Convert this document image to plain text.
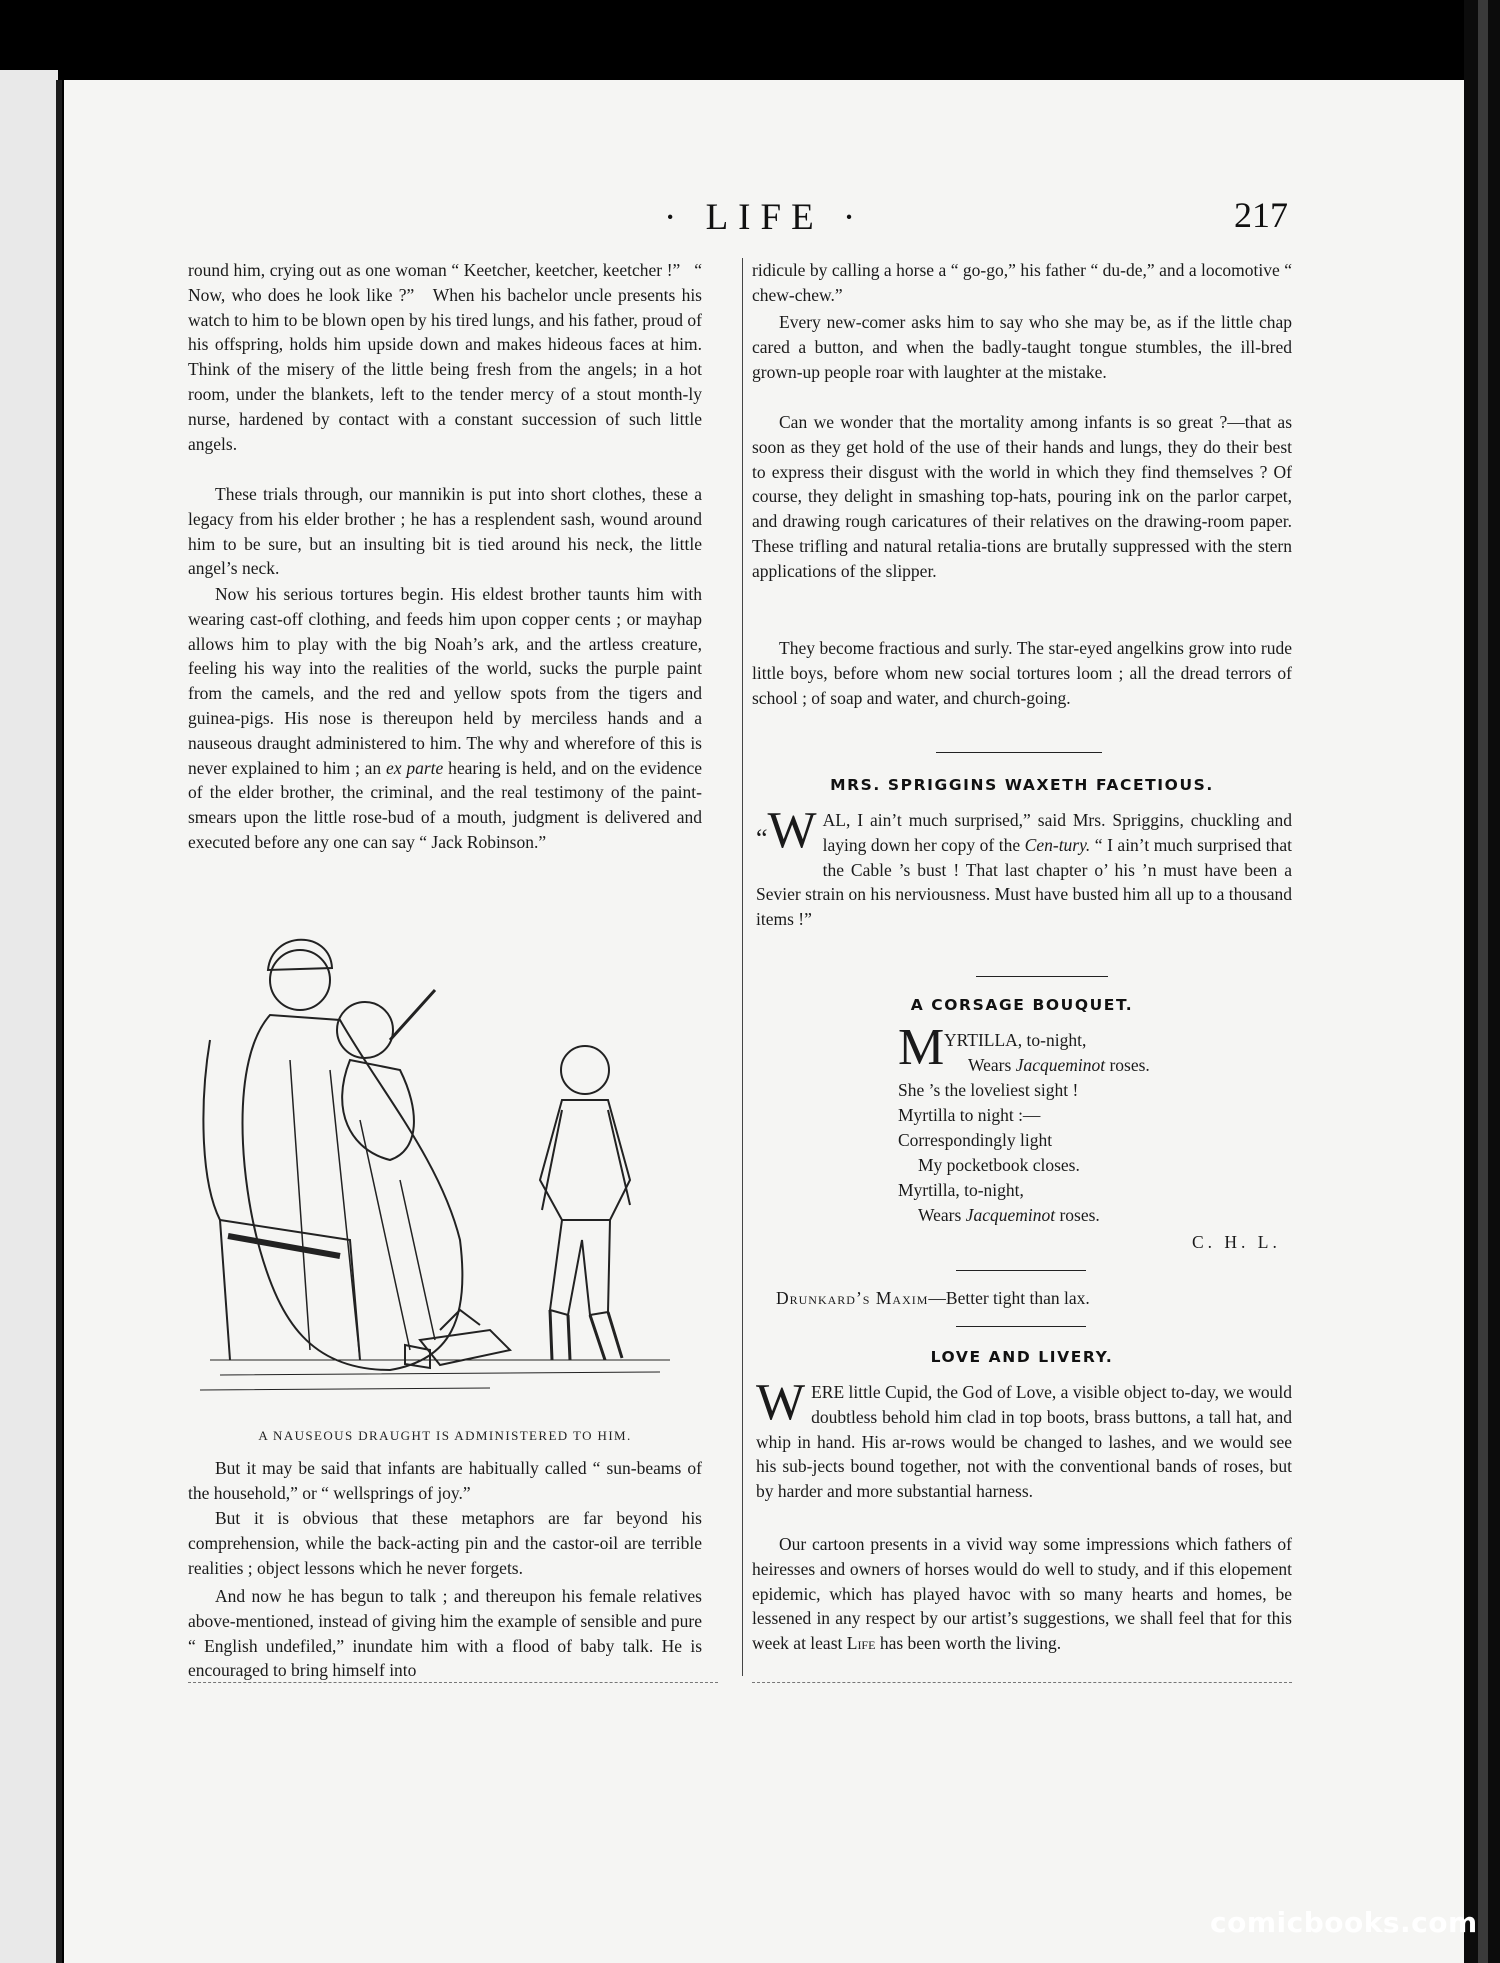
· LIFE ·	217

round him, crying out as one woman “ Keetcher, keetcher, keetcher !”   “ Now, who does he look like ?”   When his bachelor uncle presents his watch to him to be blown open by his tired lungs, and his father, proud of his offspring, holds him upside down and makes hideous faces at him. Think of the misery of the little being fresh from the angels; in a hot room, under the blankets, left to the tender mercy of a stout month-ly nurse, hardened by contact with a constant succession of such little angels.

These trials through, our mannikin is put into short clothes, these a legacy from his elder brother ; he has a resplendent sash, wound around him to be sure, but an insulting bit is tied around his neck, the little angel’s neck.

Now his serious tortures begin. His eldest brother taunts him with wearing cast-off clothing, and feeds him upon copper cents ; or mayhap allows him to play with the big Noah’s ark, and the artless creature, feeling his way into the realities of the world, sucks the purple paint from the camels, and the red and yellow spots from the tigers and guinea-pigs. His nose is thereupon held by merciless hands and a nauseous draught administered to him. The why and wherefore of this is never explained to him ; an ex parte hearing is held, and on the evidence of the elder brother, the criminal, and the real testimony of the paint-smears upon the little rose-bud of a mouth, judgment is delivered and executed before any one can say “ Jack Robinson.”

A NAUSEOUS DRAUGHT IS ADMINISTERED TO HIM.

But it may be said that infants are habitually called “ sun-beams of the household,” or “ wellsprings of joy.”

But it is obvious that these metaphors are far beyond his comprehension, while the back-acting pin and the castor-oil are terrible realities ; object lessons which he never forgets.

And now he has begun to talk ; and thereupon his female relatives above-mentioned, instead of giving him the example of sensible and pure “ English undefiled,” inundate him with a flood of baby talk. He is encouraged to bring himself into

ridicule by calling a horse a “ go-go,” his father “ du-de,” and a locomotive “ chew-chew.”

Every new-comer asks him to say who she may be, as if the little chap cared a button, and when the badly-taught tongue stumbles, the ill-bred grown-up people roar with laughter at the mistake.

Can we wonder that the mortality among infants is so great ?—that as soon as they get hold of the use of their hands and lungs, they do their best to express their disgust with the world in which they find themselves ? Of course, they delight in smashing top-hats, pouring ink on the parlor carpet, and drawing rough caricatures of their relatives on the drawing-room paper. These trifling and natural retalia-tions are brutally suppressed with the stern applications of the slipper.

They become fractious and surly. The star-eyed angelkins grow into rude little boys, before whom new social tortures loom ; all the dread terrors of school ; of soap and water, and church-going.

MRS. SPRIGGINS WAXETH FACETIOUS.

“W AL, I ain’t much surprised,” said Mrs. Spriggins, chuckling and laying down her copy of the Cen-tury. “ I ain’t much surprised that the Cable ’s bust ! That last chapter o’ his ’n must have been a Sevier strain on his nerviousness. Must have busted him all up to a thousand items !”

A CORSAGE BOUQUET.
M YRTILLA, to-night,
Wears Jacqueminot roses.
She ’s the loveliest sight !
Myrtilla to night :—
Correspondingly light
My pocketbook closes.
Myrtilla, to-night,
Wears Jacqueminot roses.
C. H. L.
Drunkard’s Maxim—Better tight than lax.
LOVE AND LIVERY.

WERE little Cupid, the God of Love, a visible object to-day, we would doubtless behold him clad in top boots, brass buttons, a tall hat, and whip in hand. His ar-rows would be changed to lashes, and we would see his sub-jects bound together, not with the conventional bands of roses, but by harder and more substantial harness.

Our cartoon presents in a vivid way some impressions which fathers of heiresses and owners of horses would do well to study, and if this elopement epidemic, which has played havoc with so many hearts and homes, be lessened in any respect by our artist’s suggestions, we shall feel that for this week at least Life has been worth the living.

comicbooks.com
